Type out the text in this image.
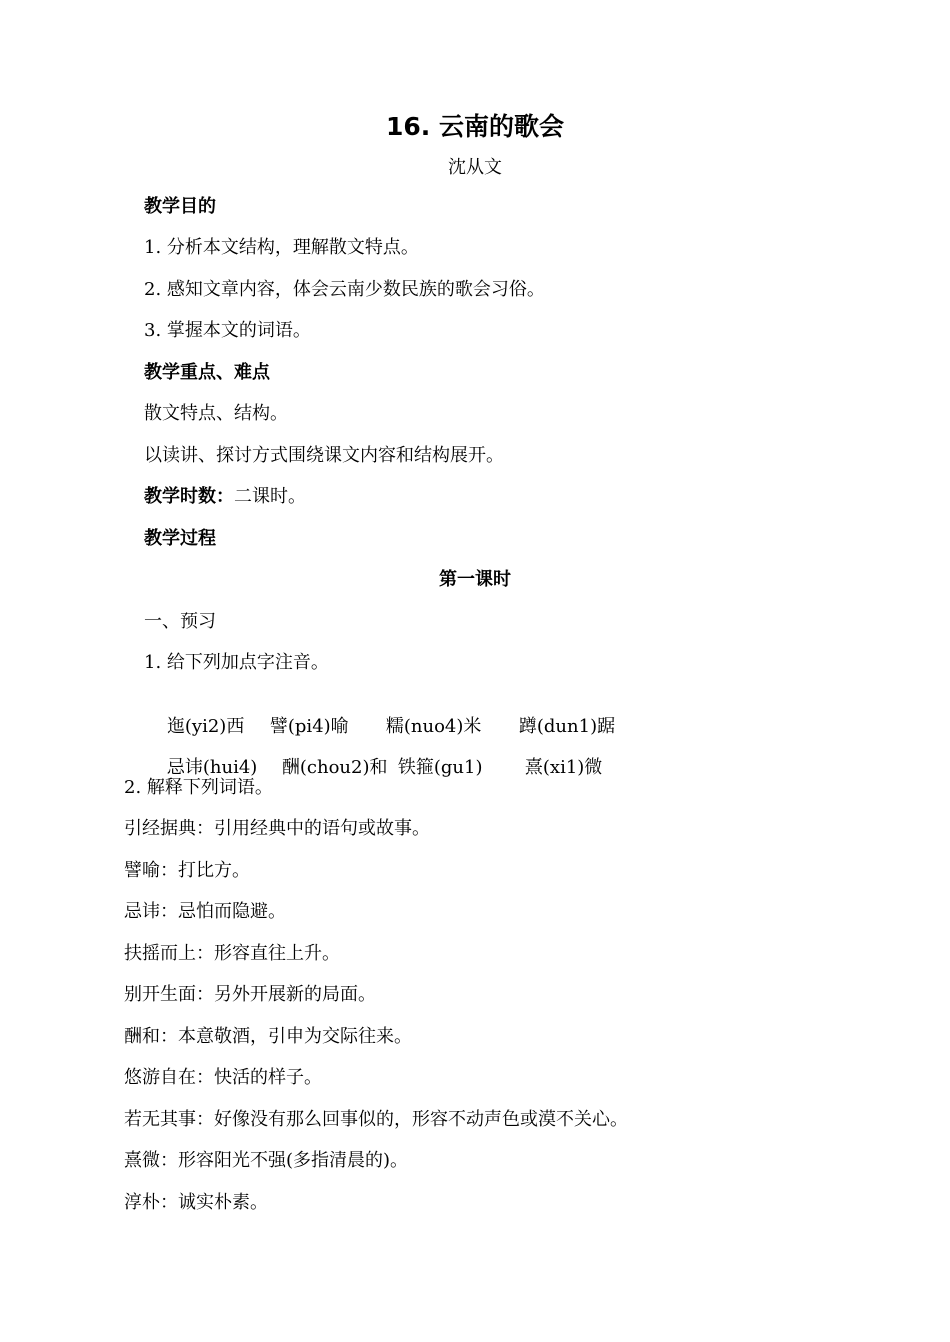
16. 云南的歌会
沈从文
教学目的
1. 分析本文结构，理解散文特点。
2. 感知文章内容，体会云南少数民族的歌会习俗。
3. 掌握本文的词语。
教学重点、难点
散文特点、结构。
以读讲、探讨方式围绕课文内容和结构展开。
教学时数：二课时。
教学过程
第一课时
一、预习
1. 给下列加点字注音。

迤(yi2)西 譬(pi4)喻 糯(nuo4)米 蹲(dun1)踞

忌讳(hui4) 酬(chou2)和 铁箍(gu1) 熹(xi1)微

2. 解释下列词语。
引经据典：引用经典中的语句或故事。
譬喻：打比方。
忌讳：忌怕而隐避。
扶摇而上：形容直往上升。
别开生面：另外开展新的局面。
酬和：本意敬酒，引申为交际往来。
悠游自在：快活的样子。
若无其事：好像没有那么回事似的，形容不动声色或漠不关心。
熹微：形容阳光不强(多指清晨的)。
淳朴：诚实朴素。
